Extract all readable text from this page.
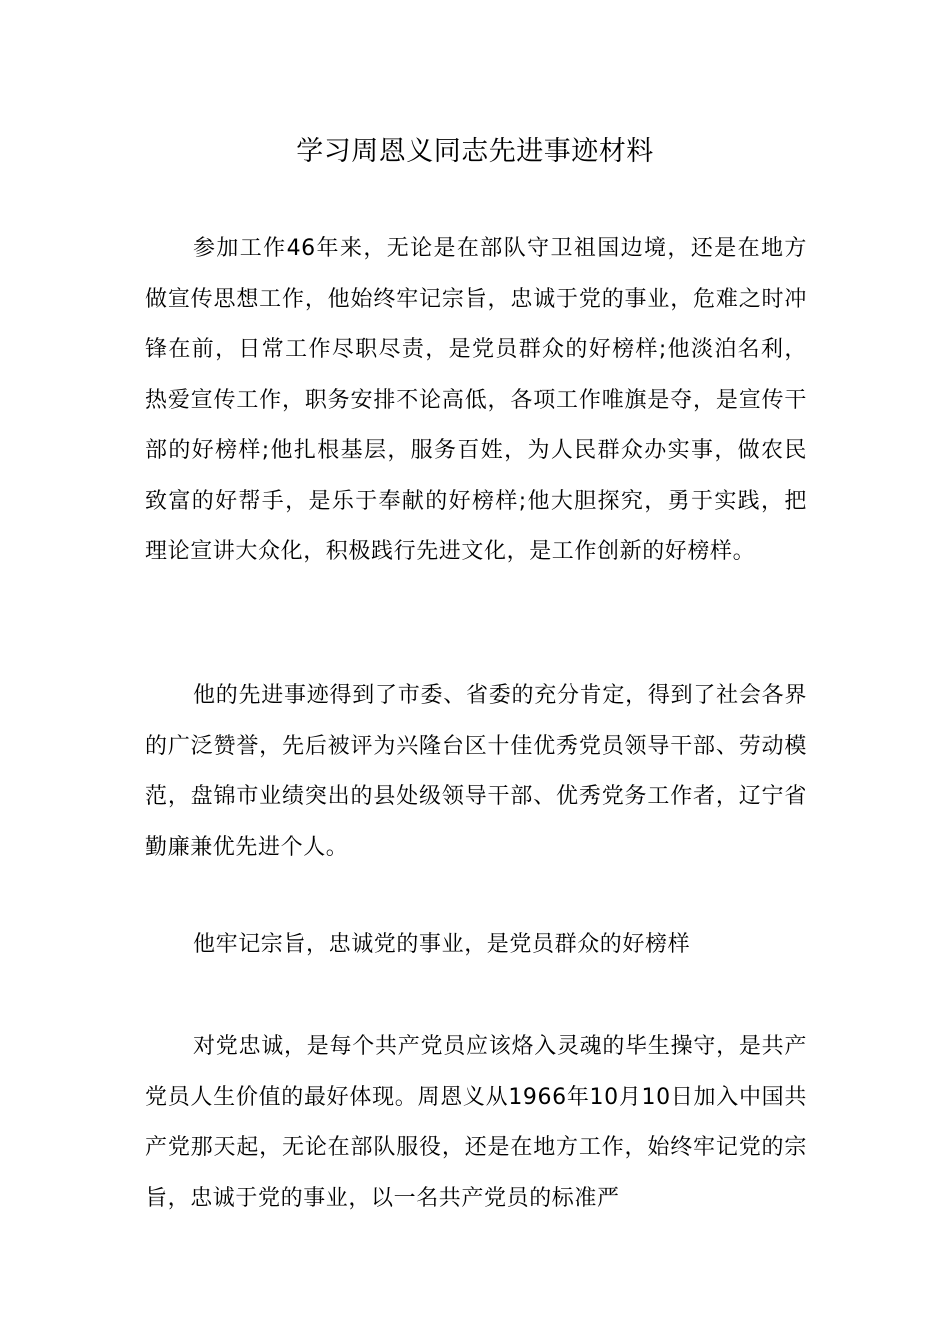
学习周恩义同志先进事迹材料

参加工作46年来，无论是在部队守卫祖国边境，还是在地方做宣传思想工作，他始终牢记宗旨，忠诚于党的事业，危难之时冲锋在前，日常工作尽职尽责，是党员群众的好榜样;他淡泊名利，热爱宣传工作，职务安排不论高低，各项工作唯旗是夺，是宣传干部的好榜样;他扎根基层，服务百姓，为人民群众办实事，做农民致富的好帮手，是乐于奉献的好榜样;他大胆探究，勇于实践，把理论宣讲大众化，积极践行先进文化，是工作创新的好榜样。

他的先进事迹得到了市委、省委的充分肯定，得到了社会各界的广泛赞誉，先后被评为兴隆台区十佳优秀党员领导干部、劳动模范，盘锦市业绩突出的县处级领导干部、优秀党务工作者，辽宁省勤廉兼优先进个人。

他牢记宗旨，忠诚党的事业，是党员群众的好榜样

对党忠诚，是每个共产党员应该烙入灵魂的毕生操守，是共产党员人生价值的最好体现。周恩义从1966年10月10日加入中国共产党那天起，无论在部队服役，还是在地方工作，始终牢记党的宗旨，忠诚于党的事业，以一名共产党员的标准严
